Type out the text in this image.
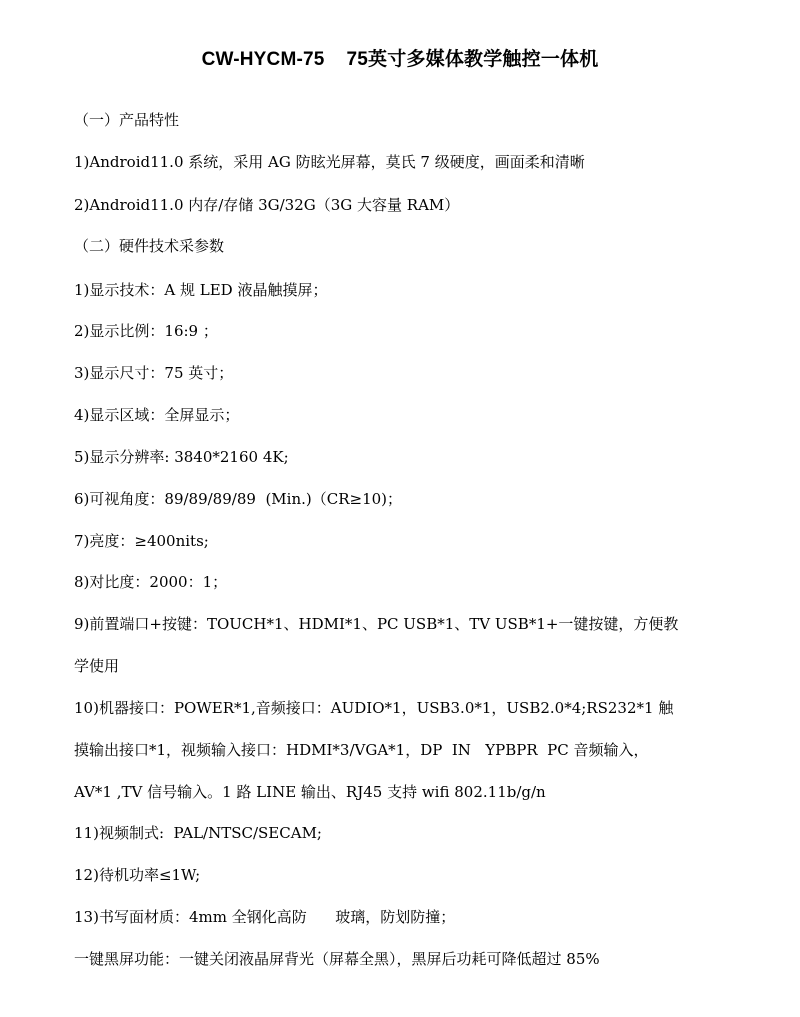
CW-HYCM-75    75英寸多媒体教学触控一体机
（一）产品特性
1)Android11.0 系统，采用 AG 防眩光屏幕，莫氏 7 级硬度，画面柔和清晰
2)Android11.0 内存/存储 3G/32G（3G 大容量 RAM）
（二）硬件技术采参数
1)显示技术：A 规 LED 液晶触摸屏；
2)显示比例：16:9 ；
3)显示尺寸：75 英寸；
4)显示区域：全屏显示；
5)显示分辨率: 3840*2160 4K;
6)可视角度：89/89/89/89  (Min.)（CR≥10)；
7)亮度：≥400nits;
8)对比度：2000：1；
9)前置端口+按键：TOUCH*1、HDMI*1、PC USB*1、TV USB*1+一键按键，方便教
学使用
10)机器接口：POWER*1,音频接口：AUDIO*1，USB3.0*1，USB2.0*4;RS232*1 触
摸输出接口*1，视频输入接口：HDMI*3/VGA*1，DP  IN   YPBPR  PC 音频输入，
AV*1 ,TV 信号输入。1 路 LINE 输出、RJ45 支持 wifi 802.11b/g/n
11)视频制式:  PAL/NTSC/SECAM;
12)待机功率≤1W;
13)书写面材质：4mm 全钢化高防      玻璃，防划防撞；
一键黑屏功能：一键关闭液晶屏背光（屏幕全黑），黑屏后功耗可降低超过 85%
